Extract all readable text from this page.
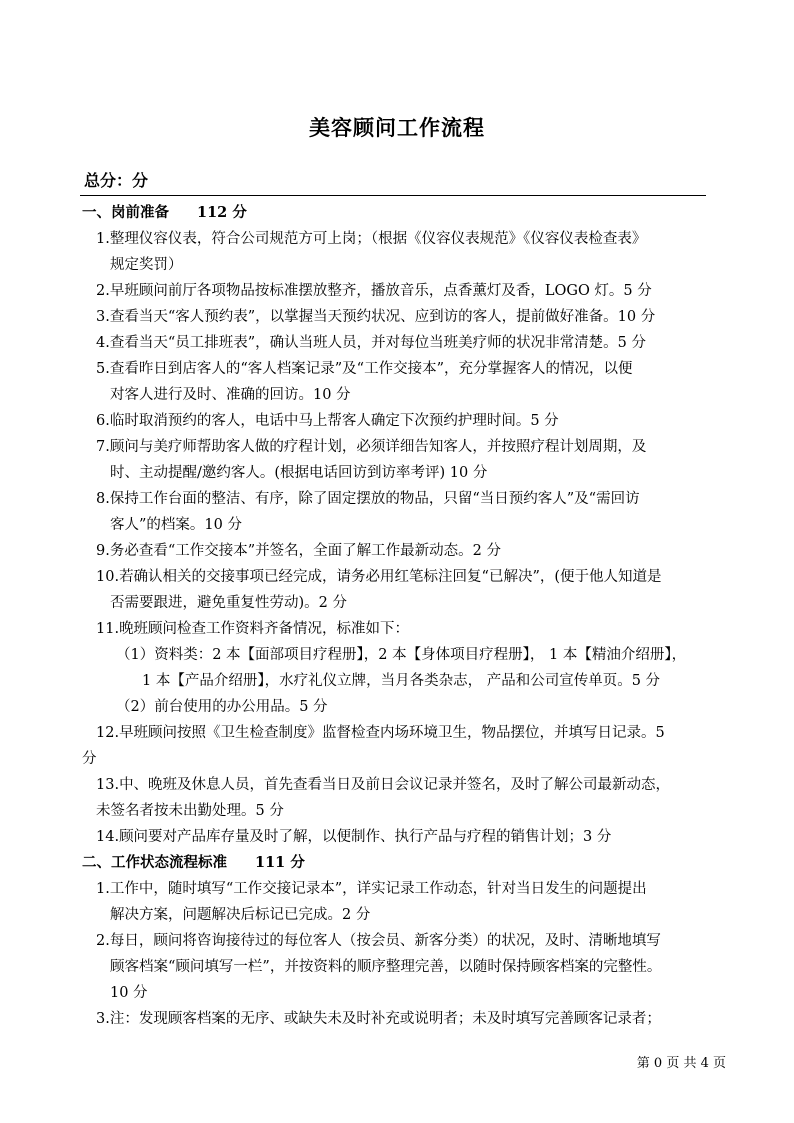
美容顾问工作流程
总分：分
一、岗前准备 112 分
1.整理仪容仪表，符合公司规范方可上岗；（根据《仪容仪表规范》《仪容仪表检查表》
规定奖罚）
2.早班顾问前厅各项物品按标准摆放整齐，播放音乐，点香薰灯及香，LOGO 灯。5 分
3.查看当天“客人预约表”，以掌握当天预约状况、应到访的客人，提前做好准备。10 分
4.查看当天“员工排班表”，确认当班人员，并对每位当班美疗师的状况非常清楚。5 分
5.查看昨日到店客人的“客人档案记录”及“工作交接本”，充分掌握客人的情况，以便
对客人进行及时、准确的回访。10 分
6.临时取消预约的客人，电话中马上帮客人确定下次预约护理时间。5 分
7.顾问与美疗师帮助客人做的疗程计划，必须详细告知客人，并按照疗程计划周期，及
时、主动提醒/邀约客人。(根据电话回访到访率考评) 10 分
8.保持工作台面的整洁、有序，除了固定摆放的物品，只留“当日预约客人”及“需回访
客人”的档案。10 分
9.务必查看“工作交接本”并签名，全面了解工作最新动态。2 分
10.若确认相关的交接事项已经完成，请务必用红笔标注回复“已解决”，(便于他人知道是
否需要跟进，避免重复性劳动)。2 分
11.晚班顾问检查工作资料齐备情况，标准如下：
（1）资料类：2 本【面部项目疗程册】，2 本【身体项目疗程册】， 1 本【精油介绍册】，
1 本【产品介绍册】，水疗礼仪立牌，当月各类杂志， 产品和公司宣传单页。5 分
（2）前台使用的办公用品。5 分
12.早班顾问按照《卫生检查制度》监督检查内场环境卫生，物品摆位，并填写日记录。5
分
13.中、晚班及休息人员，首先查看当日及前日会议记录并签名，及时了解公司最新动态，
未签名者按未出勤处理。5 分
14.顾问要对产品库存量及时了解，以便制作、执行产品与疗程的销售计划；3 分
二、工作状态流程标准 111 分
1.工作中，随时填写“工作交接记录本”，详实记录工作动态，针对当日发生的问题提出
解决方案，问题解决后标记已完成。2 分
2.每日，顾问将咨询接待过的每位客人（按会员、新客分类）的状况，及时、清晰地填写
顾客档案“顾问填写一栏”，并按资料的顺序整理完善，以随时保持顾客档案的完整性。
10 分
3.注：发现顾客档案的无序、或缺失未及时补充或说明者；未及时填写完善顾客记录者；
第 0 页 共 4 页
